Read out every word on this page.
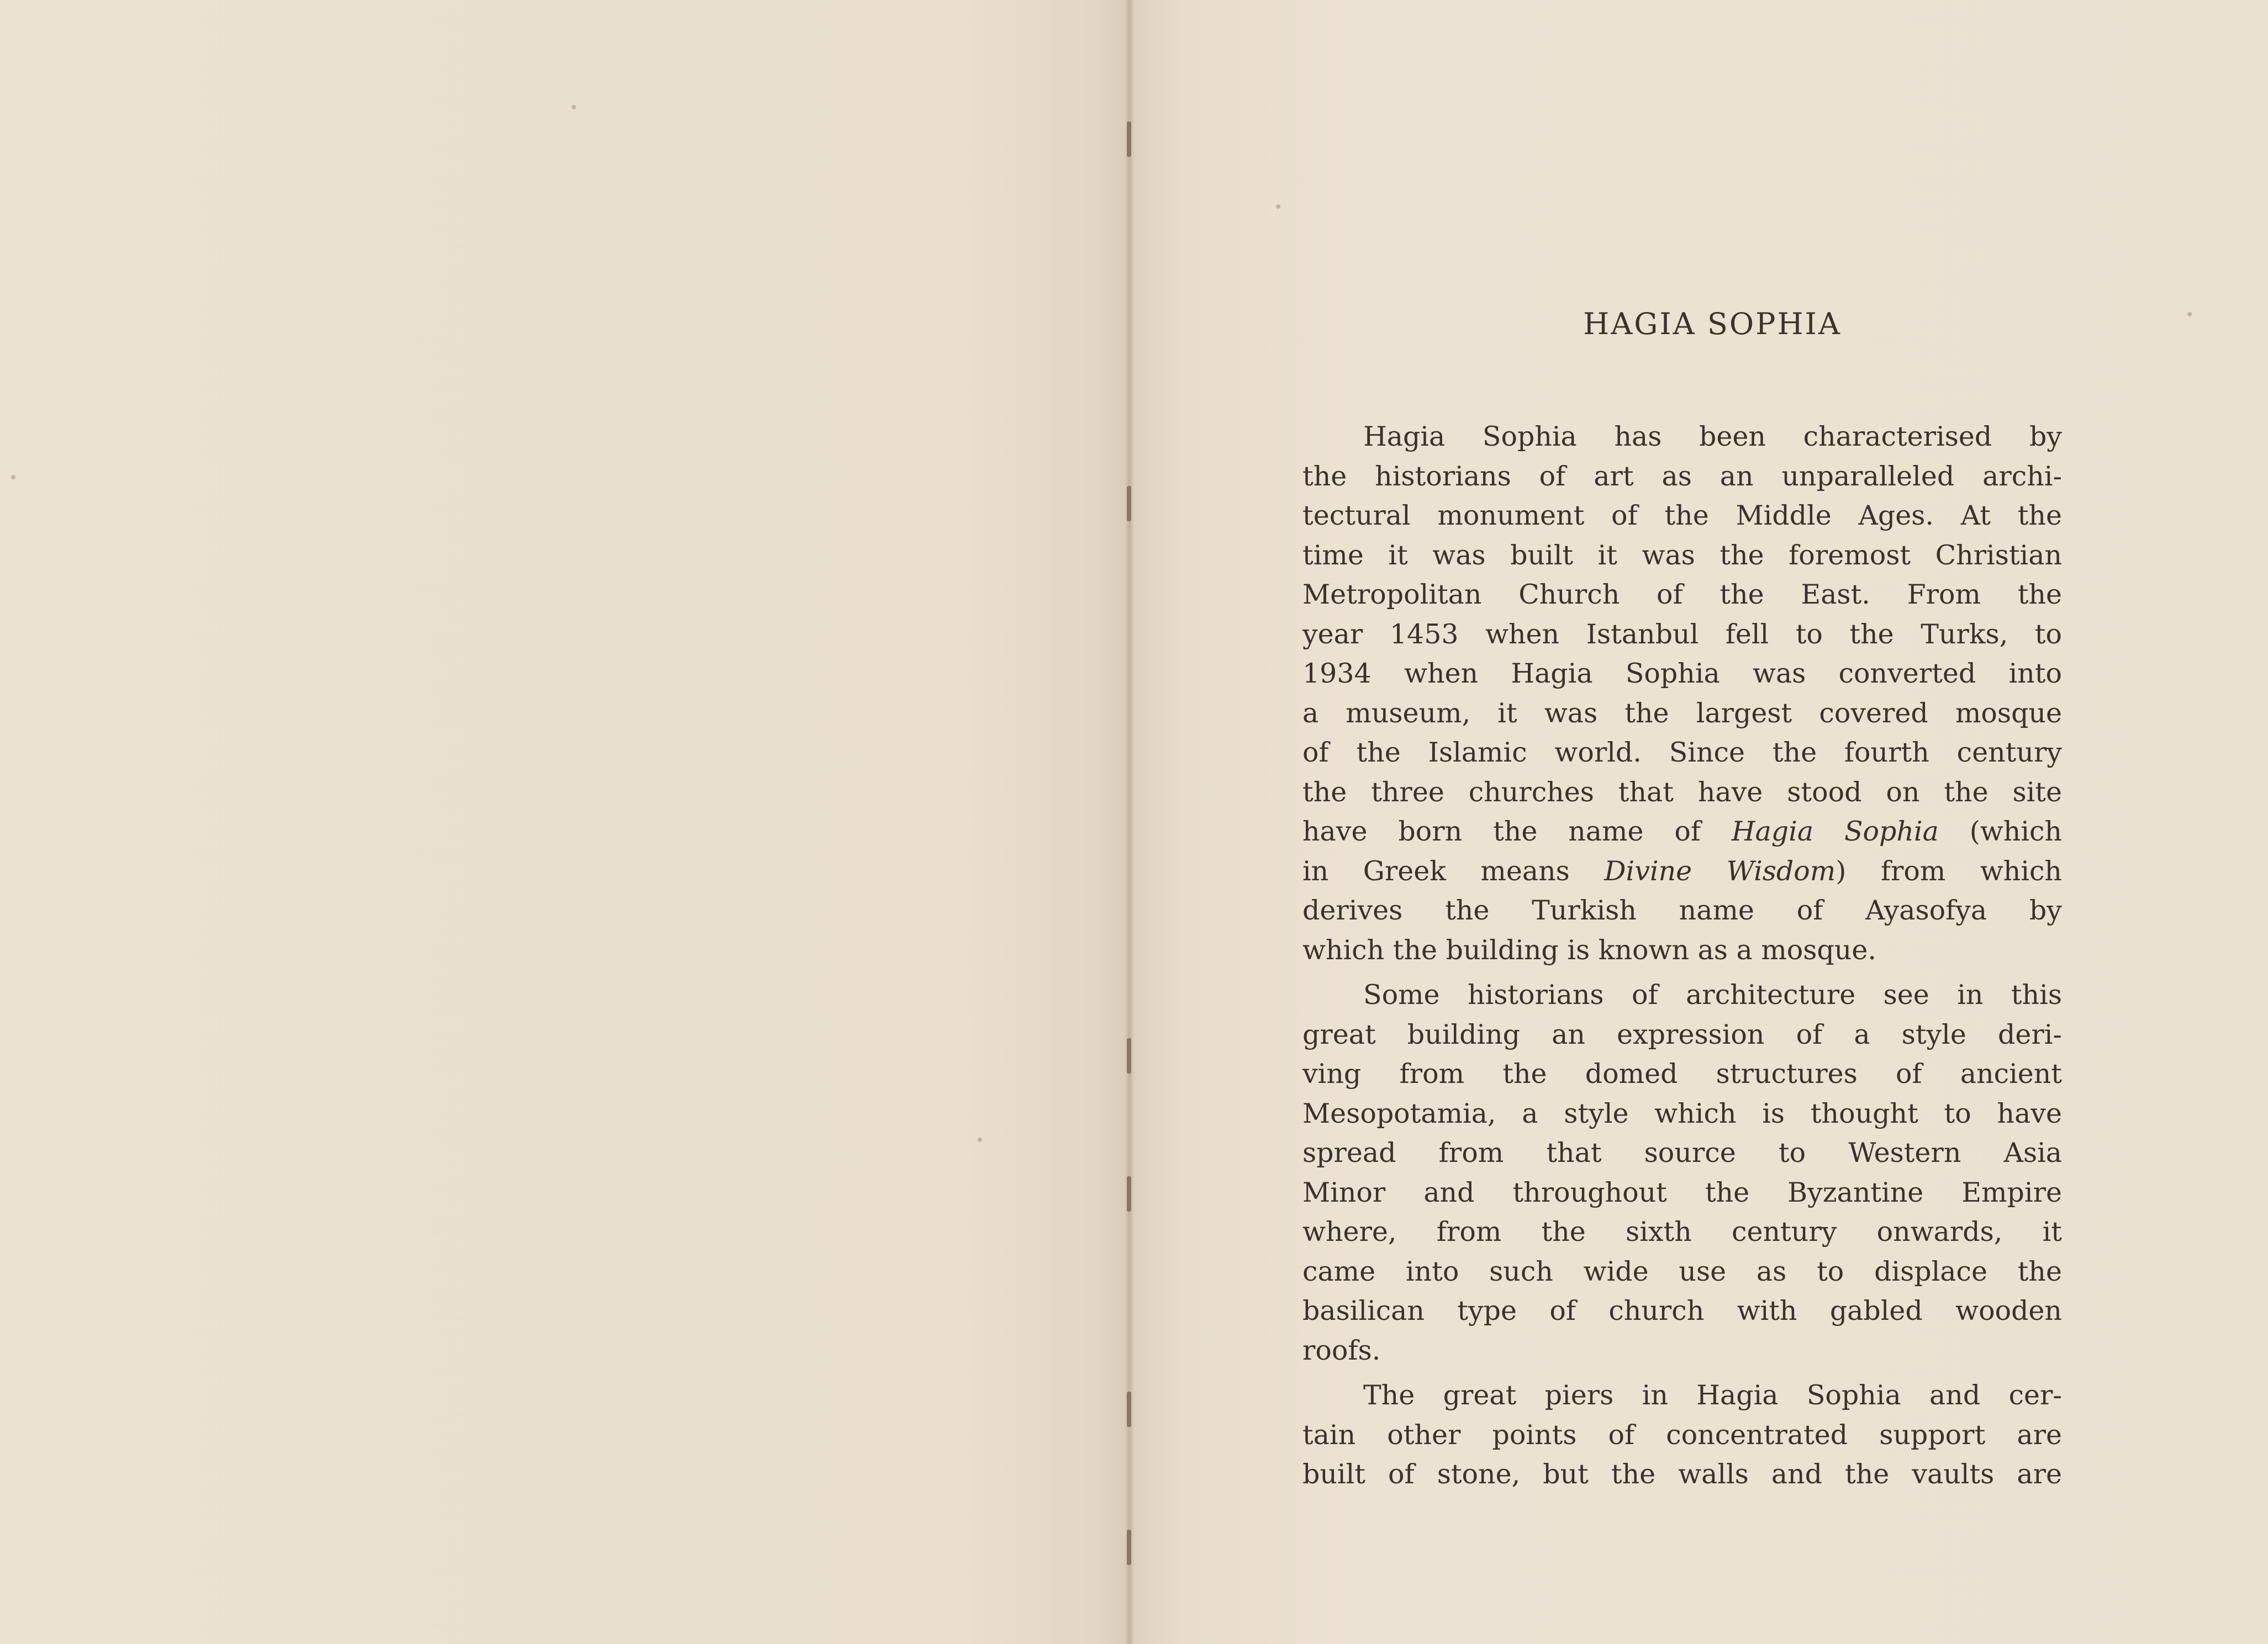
HAGIA SOPHIA
Hagia Sophia has been characterised by
the historians of art as an unparalleled archi-
tectural monument of the Middle Ages. At the
time it was built it was the foremost Christian
Metropolitan Church of the East. From the
year 1453 when Istanbul fell to the Turks, to
1934 when Hagia Sophia was converted into
a museum, it was the largest covered mosque
of the Islamic world. Since the fourth century
the three churches that have stood on the site
have born the name of Hagia Sophia (which
in Greek means Divine Wisdom) from which
derives the Turkish name of Ayasofya by
which the building is known as a mosque.
Some historians of architecture see in this
great building an expression of a style deri-
ving from the domed structures of ancient
Mesopotamia, a style which is thought to have
spread from that source to Western Asia
Minor and throughout the Byzantine Empire
where, from the sixth century onwards, it
came into such wide use as to displace the
basilican type of church with gabled wooden
roofs.
The great piers in Hagia Sophia and cer-
tain other points of concentrated support are
built of stone, but the walls and the vaults are
